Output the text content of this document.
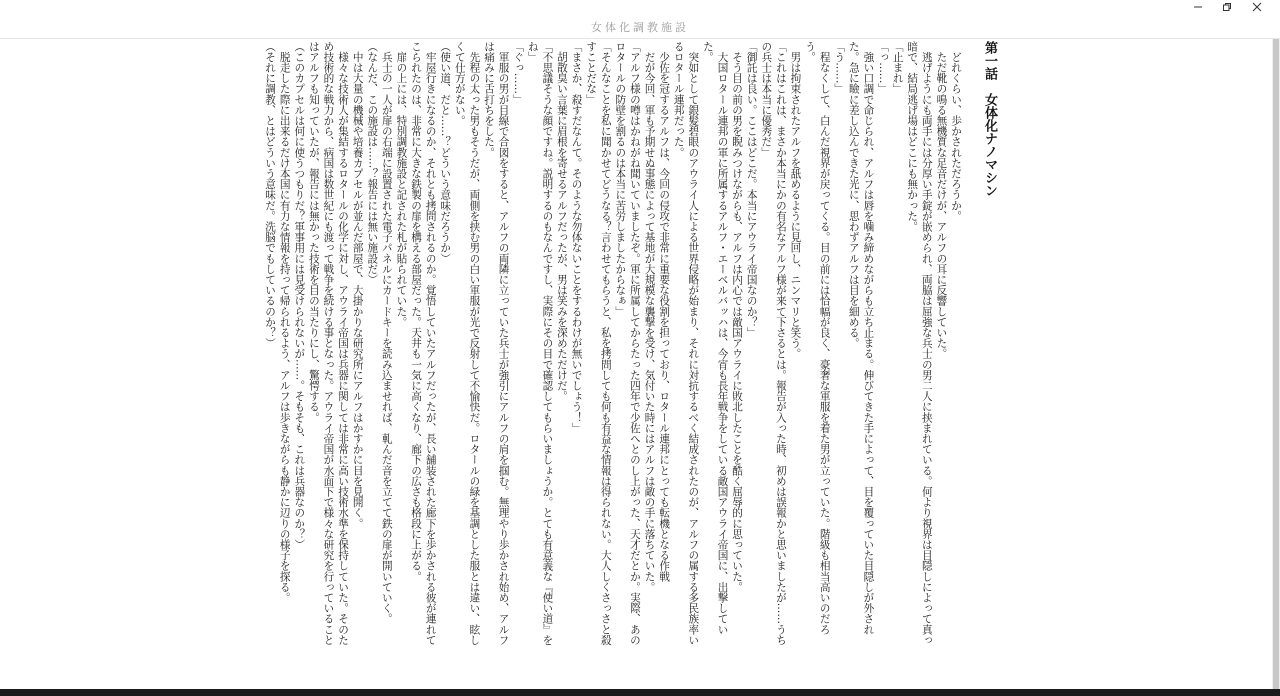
女体化調教施設
第一話　女体化ナノマシン

　どれくらい、歩かされただろうか。

　ただ靴の鳴る無機質な足音だけが、アルフの耳に反響していた。

　逃げようにも両手には分厚い手錠が嵌められ、両脇は屈強な兵士の男二人に挟まれている。何より視界は目隠しによって真っ暗で、結局逃げ場はどこにも無かった。

「止まれ」

「っ……」

　強い口調で命じられ、アルフは唇を噛み締めながらも立ち止まる。伸びてきた手によって、目を覆っていた目隠しが外された。急に瞼に差し込んできた光に、思わずアルフは目を細める。

「う……」

　程なくして、白んだ視界が戻ってくる。目の前には恰幅が良く、豪奢な軍服を着た男が立っていた。階級も相当高いのだろう。

　男は拘束されたアルフを舐めるように見回し、ニンマリと笑う。

「これはこれは、まさか本当にかの有名なアルフ様が来て下さるとは。報告が入った時、初めは誤報かと思いましたが……うちの兵士は本当に優秀だ」

「御託は良い。ここはどこだ。本当にアウライ帝国なのか？」

　そう目の前の男を睨みつけながらも、アルフは内心では敵国アウライに敗北したことを酷く屈辱的に思っていた。

　大国ロタール連邦の軍に所属するアルフ・エーベルバッハは、今宵も長年戦争をしている敵国アウライ帝国に、出撃していた。

　突如として銀髪碧眼のアウライ人による世界侵略が始まり、それに対抗するべく結成されたのが、アルフの属する多民族率いるロタール連邦だった。

　少佐を冠するアルフは、今回の侵攻で非常に重要な役割を担っており、ロタール連邦にとっても転機となる作戦

　だが今回、軍も予期せぬ事態によって基地が大規模な襲撃を受け、気付いた時にはアルフは敵の手に落ちていた。

「アルフ様の噂はかねがね聞いていましたぞ。軍に所属してからたった四年で少佐へとのし上がった、天才だとか。実際、あのロタールの防壁を割るのは本当に苦労しましたからなぁ」

「そんなことを私に聞かせてどうなる？言わせてもらうと、私を拷問しても何も有益な情報は得られない。大人しくさっさと殺すことだな」

「まさか、殺すだなんて。そのような勿体ないことをするわけが無いでしょう！」

　胡散臭い言葉に眉根を寄せるアルフだったが、男は笑みを深めただけだ。

「不思議そうな顔ですね。説明するのもなんですし、実際にその目で確認してもらいましょうか。とても有意義な『使い道』をね」

「ぐっ……」

　軍服の男が目線で合図をすると、アルフの両隣に立っていた兵士が強引にアルフの肩を掴む。無理やり歩かされ始め、アルフは痛みに舌打ちをした。

　先程の太った男もそうだが、両側を挟む男の白い軍服が光で反射して不愉快だ。ロタールの緑を基調とした服とは違い、眩しくて仕方がない。

（使い道、だと……？どういう意味だろうか）

　牢屋行きになるのか、それとも拷問されるのか。覚悟していたアルフだったが、長い舗装された廊下を歩かされる彼が連れてこられたのは、非常に大きな鉄製の扉を構える部屋だった。天井も一気に高くなり、廊下の広さも格段に上がる。

　扉の上には、特別調教施設と記された札が貼られていた。

　兵士の一人が扉の右端に設置された電子パネルにカードキーを読み込ませれば、軋んだ音を立てて鉄の扉が開いていく。

（なんだ、この施設は……？報告には無い施設だ）

　中は大量の機械や培養カプセルが並んだ部屋で、大掛かりな研究所にアルフはかすかに目を見開く。

　様々な技術人が集結するロタールの化学に対し、アウライ帝国は兵器に関しては非常に高い技術水準を保持していた。そのため技術的な戦力から、病国は数世紀にも渡って戦争を続ける事となった。アウライ帝国が水面下で様々な研究を行っていることはアルフも知っていたが、報告には無かった技術を目の当たりにし、驚愕する。

（このカプセルは何に使うつもりだ？軍事用には見受けられないが……。そもそも、これは兵器なのか？）

　脱走した際に出来るだけ本国に有力な情報を持って帰られるよう、アルフは歩きながらも静かに辺りの様子を探る。

（それに調教、とはどういう意味だ。洗脳でもしているのか？）
